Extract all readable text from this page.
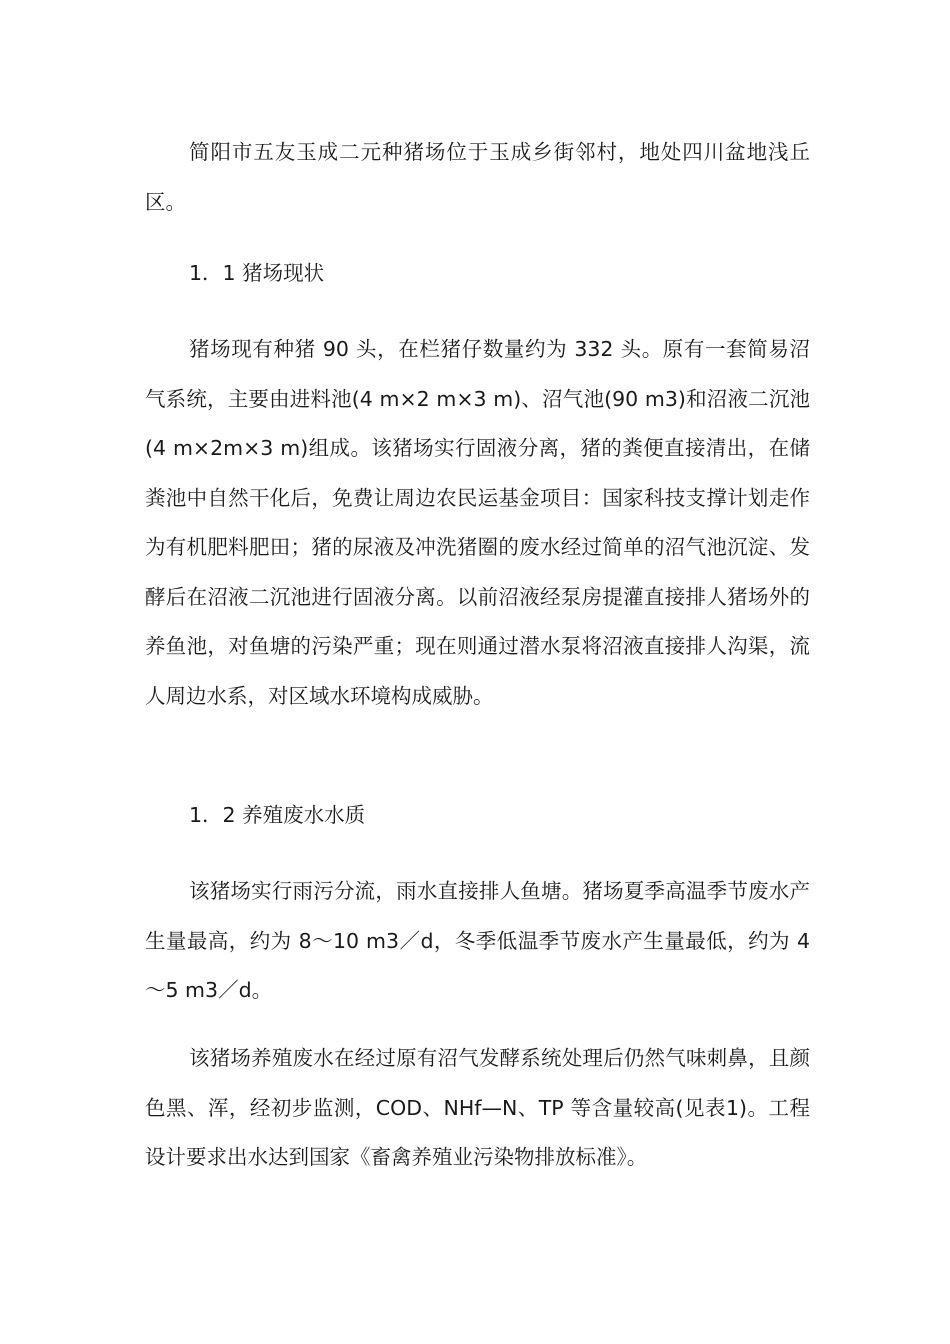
简阳市五友玉成二元种猪场位于玉成乡街邻村，地处四川盆地浅丘区。

1．1 猪场现状

猪场现有种猪 90 头，在栏猪仔数量约为 332 头。原有一套简易沼气系统，主要由进料池(4 m×2 m×3 m)、沼气池(90 m3)和沼液二沉池(4 m×2m×3 m)组成。该猪场实行固液分离，猪的粪便直接清出，在储粪池中自然干化后，免费让周边农民运基金项目：国家科技支撑计划走作为有机肥料肥田；猪的尿液及冲洗猪圈的废水经过简单的沼气池沉淀、发酵后在沼液二沉池进行固液分离。以前沼液经泵房提灌直接排人猪场外的养鱼池，对鱼塘的污染严重；现在则通过潜水泵将沼液直接排人沟渠，流人周边水系，对区域水环境构成威胁。

1．2 养殖废水水质

该猪场实行雨污分流，雨水直接排人鱼塘。猪场夏季高温季节废水产生量最高，约为 8～10 m3／d，冬季低温季节废水产生量最低，约为 4～5 m3／d。

该猪场养殖废水在经过原有沼气发酵系统处理后仍然气味刺鼻，且颜色黑、浑，经初步监测，COD、NHf—N、TP 等含量较高(见表1)。工程设计要求出水达到国家《畜禽养殖业污染物排放标准》。
